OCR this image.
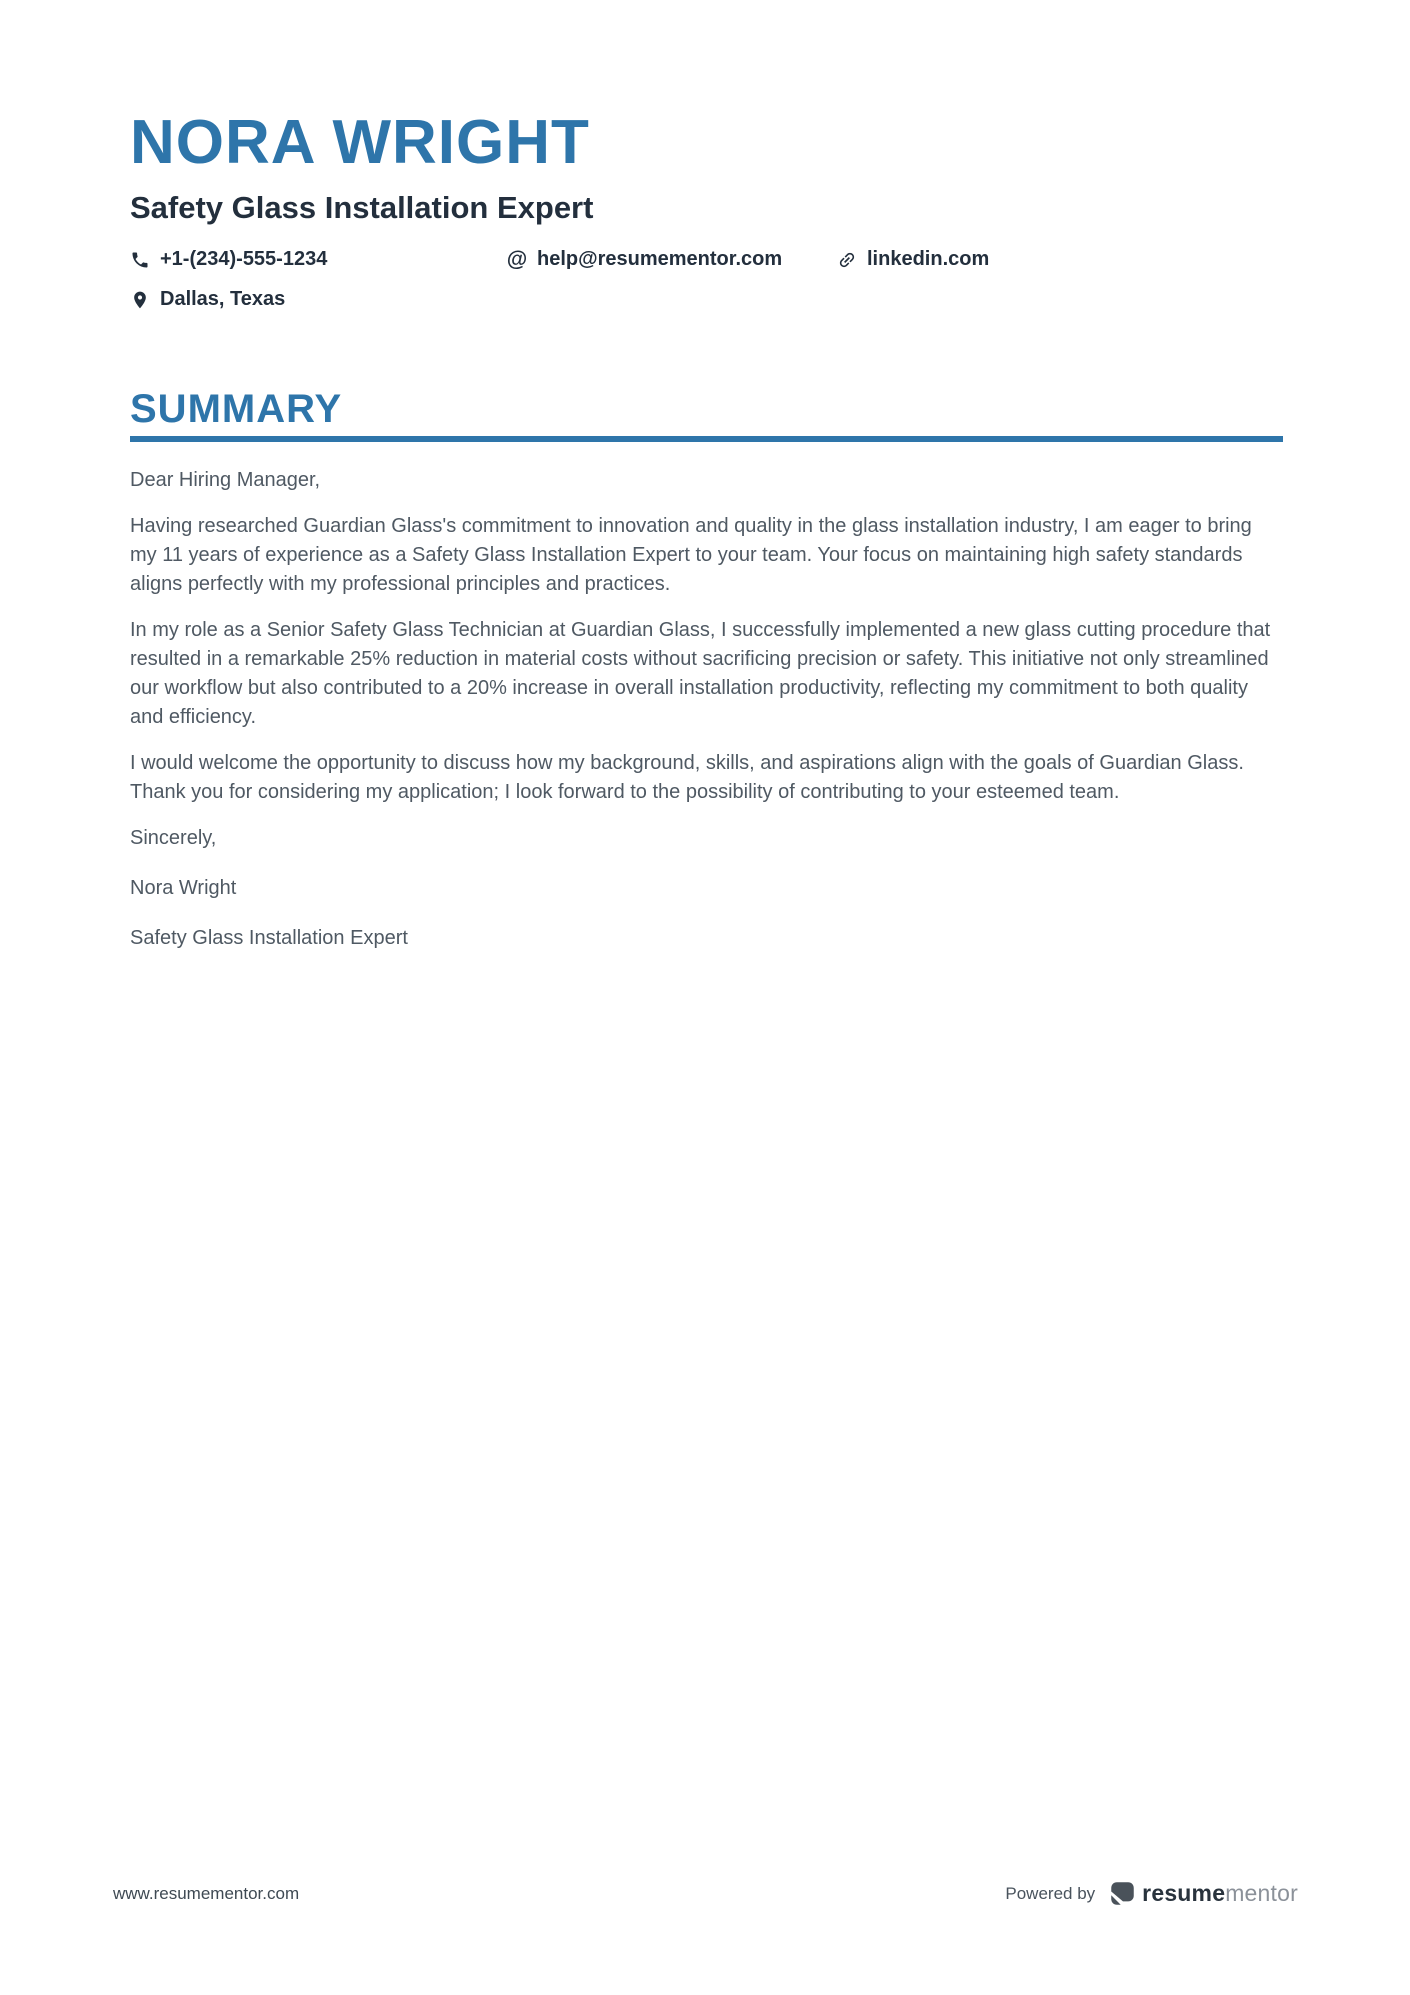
NORA WRIGHT
Safety Glass Installation Expert
+1-(234)-555-1234	@ help@resumementor.com	linkedin.com
Dallas, Texas
SUMMARY

Dear Hiring Manager,

Having researched Guardian Glass's commitment to innovation and quality in the glass installation industry, I am eager to bring my 11 years of experience as a Safety Glass Installation Expert to your team. Your focus on maintaining high safety standards aligns perfectly with my professional principles and practices.

In my role as a Senior Safety Glass Technician at Guardian Glass, I successfully implemented a new glass cutting procedure that resulted in a remarkable 25% reduction in material costs without sacrificing precision or safety. This initiative not only streamlined our workflow but also contributed to a 20% increase in overall installation productivity, reflecting my commitment to both quality and efficiency.

I would welcome the opportunity to discuss how my background, skills, and aspirations align with the goals of Guardian Glass. Thank you for considering my application; I look forward to the possibility of contributing to your esteemed team.

Sincerely,

Nora Wright

Safety Glass Installation Expert

www.resumementor.com	Powered by resumementor
